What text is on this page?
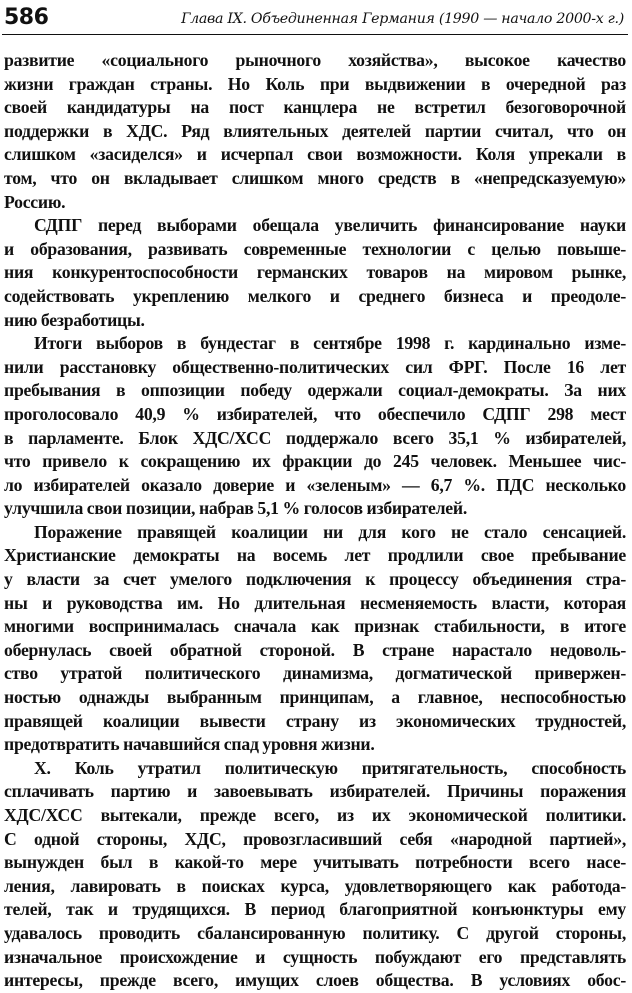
586	Глава IX. Объединенная Германия (1990 — начало 2000-х г.)
развитие «социального рыночного хозяйства», высокое качество
жизни граждан страны. Но Коль при выдвижении в очередной раз
своей кандидатуры на пост канцлера не встретил безоговорочной
поддержки в ХДС. Ряд влиятельных деятелей партии считал, что он
слишком «засиделся» и исчерпал свои возможности. Коля упрекали в
том, что он вкладывает слишком много средств в «непредсказуемую»
Россию.
СДПГ перед выборами обещала увеличить финансирование науки
и образования, развивать современные технологии с целью повыше-
ния конкурентоспособности германских товаров на мировом рынке,
содействовать укреплению мелкого и среднего бизнеса и преодоле-
нию безработицы.
Итоги выборов в бундестаг в сентябре 1998 г. кардинально изме-
нили расстановку общественно-политических сил ФРГ. После 16 лет
пребывания в оппозиции победу одержали социал-демократы. За них
проголосовало 40,9 % избирателей, что обеспечило СДПГ 298 мест
в парламенте. Блок ХДС/ХСС поддержало всего 35,1 % избирателей,
что привело к сокращению их фракции до 245 человек. Меньшее чис-
ло избирателей оказало доверие и «зеленым» — 6,7 %. ПДС несколько
улучшила свои позиции, набрав 5,1 % голосов избирателей.
Поражение правящей коалиции ни для кого не стало сенсацией.
Христианские демократы на восемь лет продлили свое пребывание
у власти за счет умелого подключения к процессу объединения стра-
ны и руководства им. Но длительная несменяемость власти, которая
многими воспринималась сначала как признак стабильности, в итоге
обернулась своей обратной стороной. В стране нарастало недоволь-
ство утратой политического динамизма, догматической привержен-
ностью однажды выбранным принципам, а главное, неспособностью
правящей коалиции вывести страну из экономических трудностей,
предотвратить начавшийся спад уровня жизни.
Х. Коль утратил политическую притягательность, способность
сплачивать партию и завоевывать избирателей. Причины поражения
ХДС/ХСС вытекали, прежде всего, из их экономической политики.
С одной стороны, ХДС, провозгласивший себя «народной партией»,
вынужден был в какой-то мере учитывать потребности всего насе-
ления, лавировать в поисках курса, удовлетворяющего как работода-
телей, так и трудящихся. В период благоприятной конъюнктуры ему
удавалось проводить сбалансированную политику. С другой стороны,
изначальное происхождение и сущность побуждают его представлять
интересы, прежде всего, имущих слоев общества. В условиях обос-
